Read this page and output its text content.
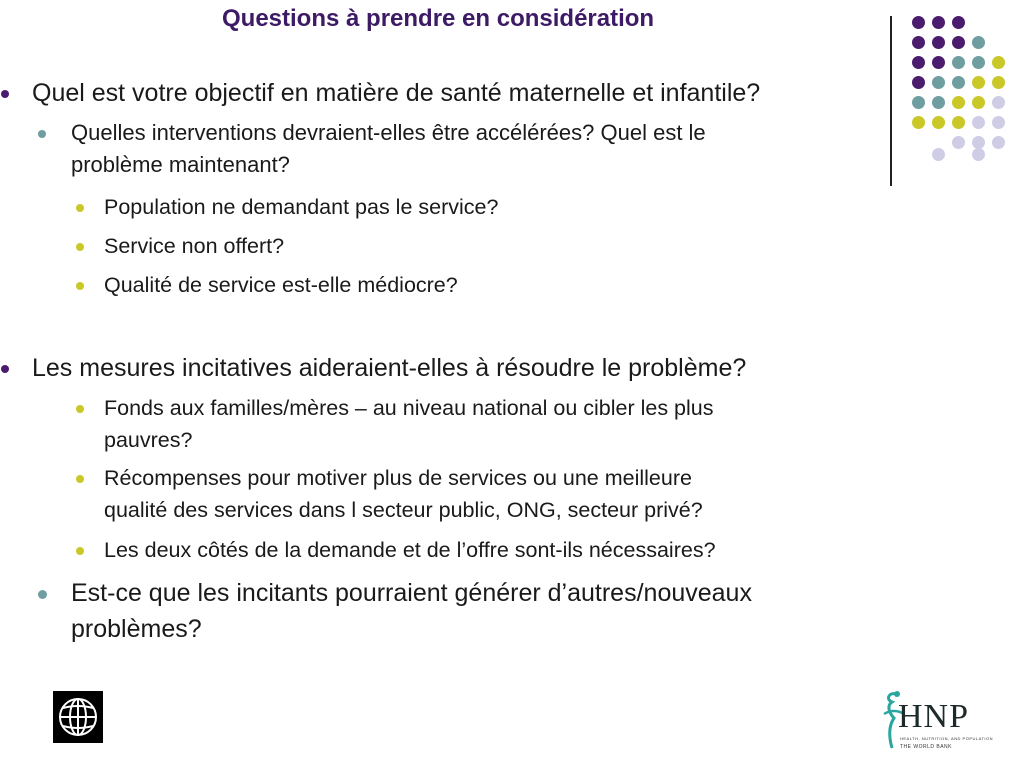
Questions à prendre en considération
Quel est votre objectif en matière de santé maternelle et infantile?
Quelles interventions devraient-elles être accélérées? Quel est le
problème maintenant?
Population ne demandant pas le service?
Service non offert?
Qualité de service est-elle médiocre?
Les mesures incitatives aideraient-elles à résoudre le problème?
Fonds aux familles/mères – au niveau national ou cibler les plus
pauvres?
Récompenses pour motiver plus de services ou une meilleure
qualité des services dans l secteur public, ONG, secteur privé?
Les deux côtés de la demande et de l’offre sont-ils nécessaires?
Est-ce que les incitants pourraient générer d’autres/nouveaux
problèmes?
HNP
HEALTH, NUTRITION, AND POPULATION
THE WORLD BANK
